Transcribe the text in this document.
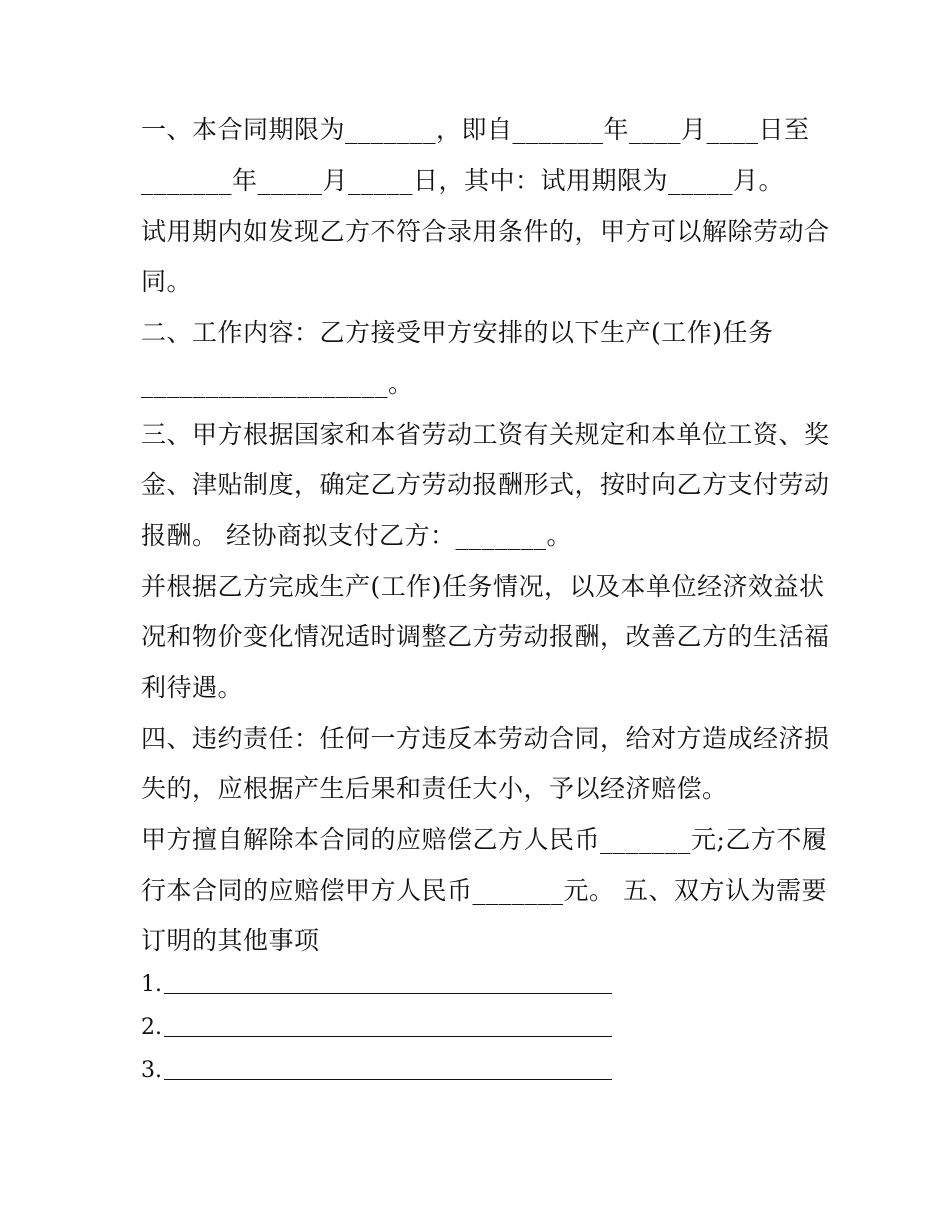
一、本合同期限为_______，即自_______年____月____日至
_______年_____月_____日，其中：试用期限为_____月。
试用期内如发现乙方不符合录用条件的，甲方可以解除劳动合
同。
二、工作内容：乙方接受甲方安排的以下生产(工作)任务
___________________。
三、甲方根据国家和本省劳动工资有关规定和本单位工资、奖
金、津贴制度，确定乙方劳动报酬形式，按时向乙方支付劳动
报酬。 经协商拟支付乙方：_______。
并根据乙方完成生产(工作)任务情况，以及本单位经济效益状
况和物价变化情况适时调整乙方劳动报酬，改善乙方的生活福
利待遇。
四、违约责任：任何一方违反本劳动合同，给对方造成经济损
失的，应根据产生后果和责任大小，予以经济赔偿。
甲方擅自解除本合同的应赔偿乙方人民币_______元;乙方不履
行本合同的应赔偿甲方人民币_______元。 五、双方认为需要
订明的其他事项
1.
2.
3.
